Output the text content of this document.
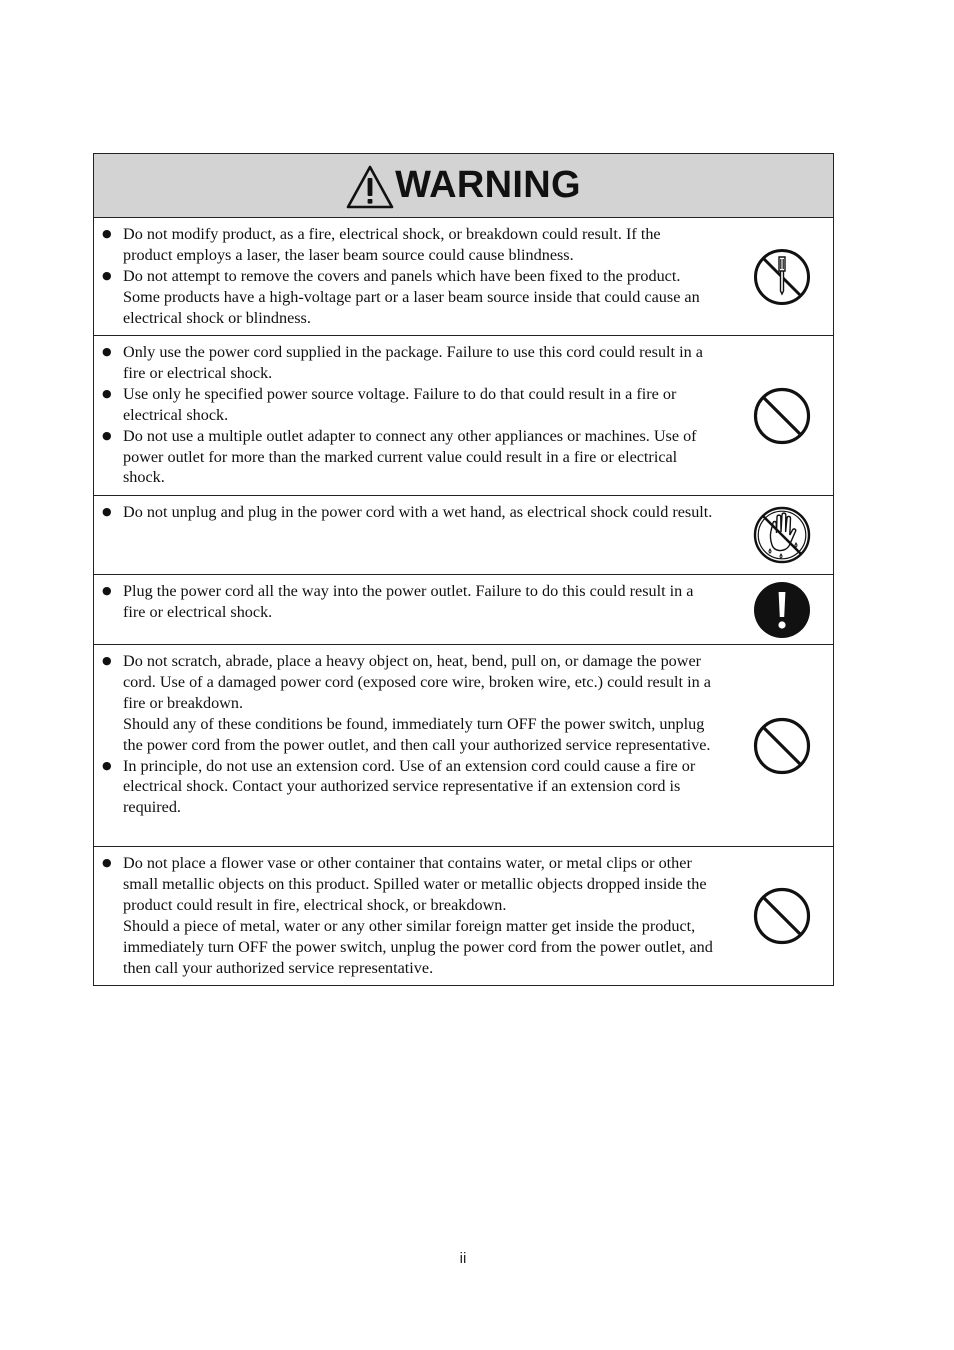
WARNING
● Do not modify product, as a fire, electrical shock, or breakdown could result. If the product employs a laser, the laser beam source could cause blindness.
● Do not attempt to remove the covers and panels which have been fixed to the product. Some products have a high-voltage part or a laser beam source inside that could cause an electrical shock or blindness.
● Only use the power cord supplied in the package. Failure to use this cord could result in a fire or electrical shock.
● Use only he specified power source voltage. Failure to do that could result in a fire or electrical shock.
● Do not use a multiple outlet adapter to connect any other appliances or machines. Use of power outlet for more than the marked current value could result in a fire or electrical shock.
● Do not unplug and plug in the power cord with a wet hand, as electrical shock could result.
● Plug the power cord all the way into the power outlet. Failure to do this could result in a fire or electrical shock.
● Do not scratch, abrade, place a heavy object on, heat, bend, pull on, or damage the power cord. Use of a damaged power cord (exposed core wire, broken wire, etc.) could result in a fire or breakdown.
Should any of these conditions be found, immediately turn OFF the power switch, unplug the power cord from the power outlet, and then call your authorized service representative.
● In principle, do not use an extension cord. Use of an extension cord could cause a fire or electrical shock. Contact your authorized service representative if an extension cord is required.
● Do not place a flower vase or other container that contains water, or metal clips or other small metallic objects on this product. Spilled water or metallic objects dropped inside the product could result in fire, electrical shock, or breakdown.
Should a piece of metal, water or any other similar foreign matter get inside the product, immediately turn OFF the power switch, unplug the power cord from the power outlet, and then call your authorized service representative.
ii
